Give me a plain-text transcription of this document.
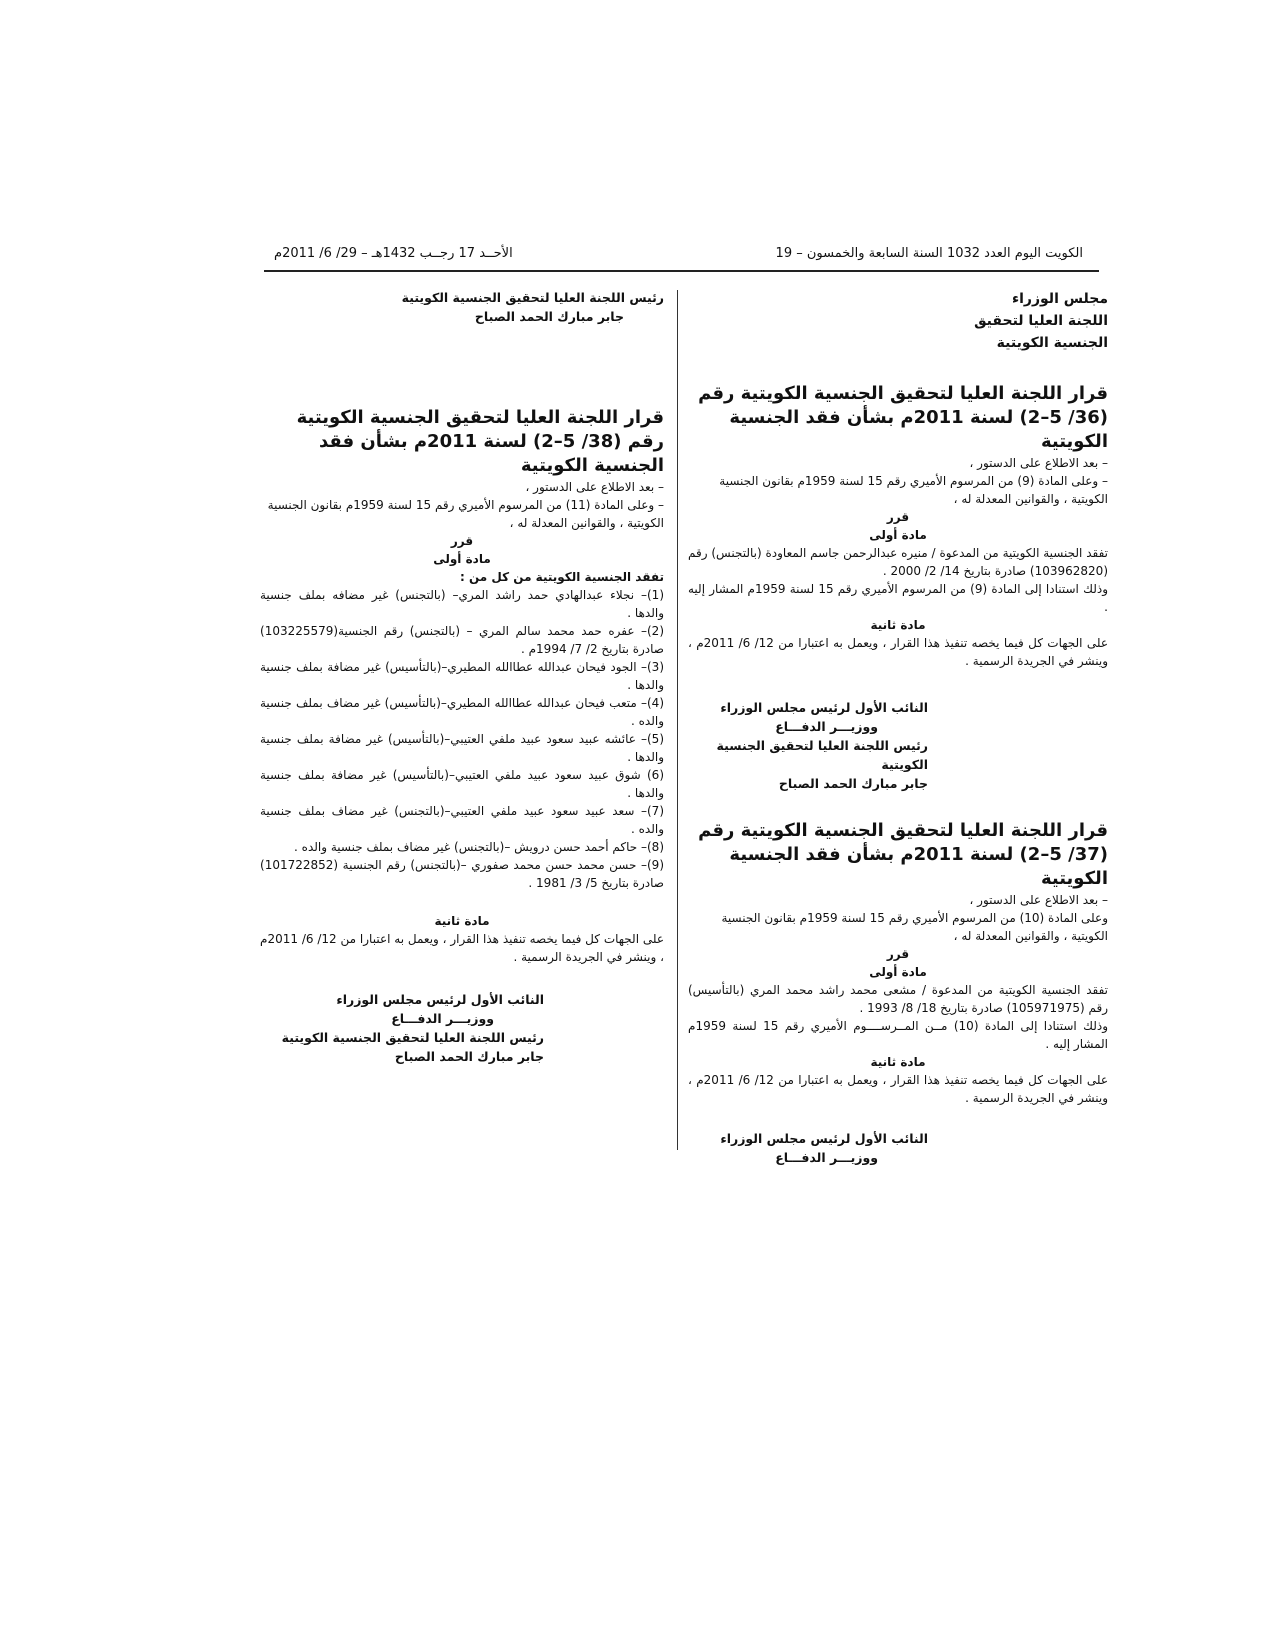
الأحــد 17 رجــب 1432هـ – 29/ 6/ 2011م	الكويت اليوم العدد 1032 السنة السابعة والخمسون – 19

مجلس الوزراء

اللجنة العليا لتحقيق

الجنسية الكويتية

قرار اللجنة العليا لتحقيق الجنسية الكويتية رقم (36/ 5–2) لسنة 2011م بشأن فقد الجنسية الكويتية

– بعد الاطلاع على الدستور ،

– وعلى المادة (9) من المرسوم الأميري رقم 15 لسنة 1959م بقانون الجنسية الكويتية ، والقوانين المعدلة له ،

قرر

مادة أولى

تفقد الجنسية الكويتية من المدعوة / منيره عبدالرحمن جاسم المعاودة (بالتجنس) رقم (103962820) صادرة بتاريخ 14/ 2/ 2000 .

وذلك استنادا إلى المادة (9) من المرسوم الأميري رقم 15 لسنة 1959م المشار إليه .

مادة ثانية

على الجهات كل فيما يخصه تنفيذ هذا القرار ، ويعمل به اعتبارا من 12/ 6/ 2011م ، وينشر في الجريدة الرسمية .

النائب الأول لرئيس مجلس الوزراء

ووزيـــر الدفـــاع

رئيس اللجنة العليا لتحقيق الجنسية الكويتية

جابر مبارك الحمد الصباح

قرار اللجنة العليا لتحقيق الجنسية الكويتية رقم (37/ 5–2) لسنة 2011م بشأن فقد الجنسية الكويتية

– بعد الاطلاع على الدستور ،

وعلى المادة (10) من المرسوم الأميري رقم 15 لسنة 1959م بقانون الجنسية الكويتية ، والقوانين المعدلة له ،

قرر

مادة أولى

تفقد الجنسية الكويتية من المدعوة / مشعى محمد راشد محمد المري (بالتأسيس) رقم (105971975) صادرة بتاريخ 18/ 8/ 1993 .

وذلك استنادا إلى المادة (10) مــن المــرســــوم الأميري رقم 15 لسنة 1959م المشار إليه .

مادة ثانية

على الجهات كل فيما يخصه تنفيذ هذا القرار ، ويعمل به اعتبارا من 12/ 6/ 2011م ، وينشر في الجريدة الرسمية .

النائب الأول لرئيس مجلس الوزراء

ووزيـــر الدفـــاع

رئيس اللجنة العليا لتحقيق الجنسية الكويتية

جابر مبارك الحمد الصباح

قرار اللجنة العليا لتحقيق الجنسية الكويتية رقم (38/ 5–2) لسنة 2011م بشأن فقد الجنسية الكويتية

– بعد الاطلاع على الدستور ،

– وعلى المادة (11) من المرسوم الأميري رقم 15 لسنة 1959م بقانون الجنسية الكويتية ، والقوانين المعدلة له ،

قرر

مادة أولى

تفقد الجنسية الكويتية من كل من :

(1)– نجلاء عبدالهادي حمد راشد المري– (بالتجنس) غير مضافه بملف جنسية والدها .

(2)– عفره حمد محمد سالم المري – (بالتجنس) رقم الجنسية(103225579) صادرة بتاريخ 2/ 7/ 1994م .

(3)– الجود فيحان عبدالله عطاالله المطيري–(بالتأسيس) غير مضافة بملف جنسية والدها .

(4)– متعب فيحان عبدالله عطاالله المطيري–(بالتأسيس) غير مضاف بملف جنسية والده .

(5)– عائشه عبيد سعود عبيد ملفي العتيبي–(بالتأسيس) غير مضافة بملف جنسية والدها .

(6) شوق عبيد سعود عبيد ملفي العتيبي–(بالتأسيس) غير مضافة بملف جنسية والدها .

(7)– سعد عبيد سعود عبيد ملفي العتيبي–(بالتجنس) غير مضاف بملف جنسية والده .

(8)– حاكم أحمد حسن درويش –(بالتجنس) غير مضاف بملف جنسية والده .

(9)– حسن محمد حسن محمد صفوري –(بالتجنس) رقم الجنسية (101722852) صادرة بتاريخ 5/ 3/ 1981 .

مادة ثانية

على الجهات كل فيما يخصه تنفيذ هذا القرار ، ويعمل به اعتبارا من 12/ 6/ 2011م ، وينشر في الجريدة الرسمية .

النائب الأول لرئيس مجلس الوزراء

ووزيـــر الدفـــاع

رئيس اللجنة العليا لتحقيق الجنسية الكويتية

جابر مبارك الحمد الصباح
